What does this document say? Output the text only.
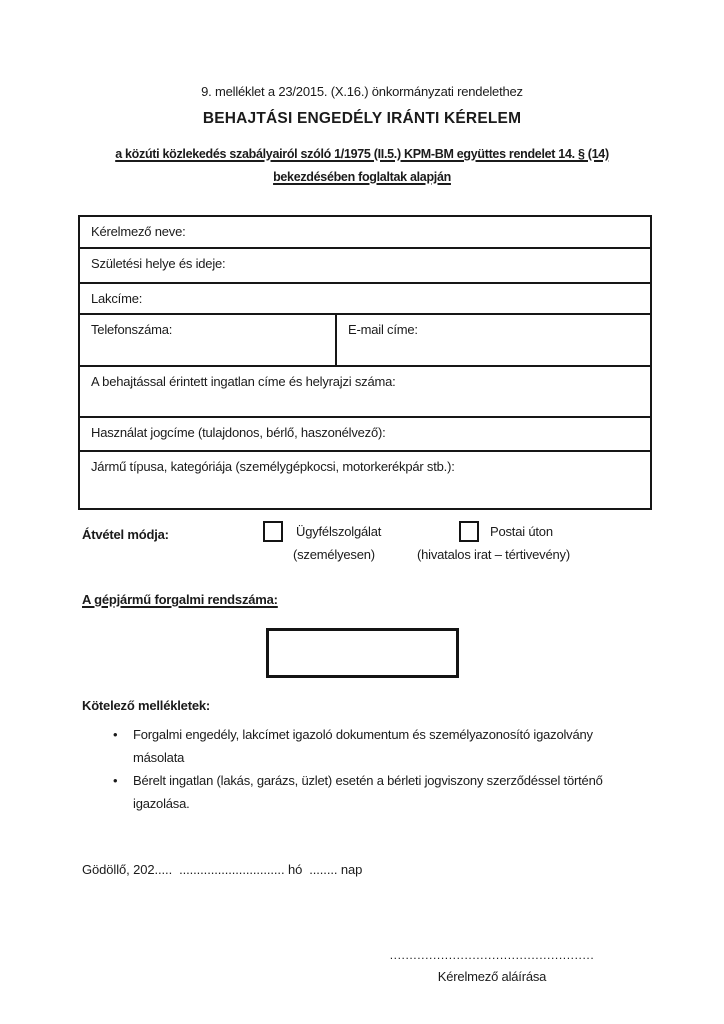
9. melléklet a 23/2015. (X.16.) önkormányzati rendelethez
BEHAJTÁSI ENGEDÉLY IRÁNTI KÉRELEM
a közúti közlekedés szabályairól szóló 1/1975 (II.5.) KPM-BM együttes rendelet 14. § (14)
bekezdésében foglaltak alapján
Kérelmező neve:
Születési helye és ideje:
Lakcíme:
Telefonszáma:	E-mail címe:
A behajtással érintett ingatlan címe és helyrajzi száma:
Használat jogcíme (tulajdonos, bérlő, haszonélvező):
Jármű típusa, kategóriája (személygépkocsi, motorkerékpár stb.):
Átvétel módja:	Ügyfélszolgálat
(személyesen)
Postai úton
(hivatalos irat – tértivevény)
A gépjármű forgalmi rendszáma:
Kötelező mellékletek:
• Forgalmi engedély, lakcímet igazoló dokumentum és személyazonosító igazolvány másolata
• Bérelt ingatlan (lakás, garázs, üzlet) esetén a bérleti jogviszony szerződéssel történő igazolása.
Gödöllő, 202.....  .............................. hó  ........ nap
....................................................
Kérelmező aláírása
